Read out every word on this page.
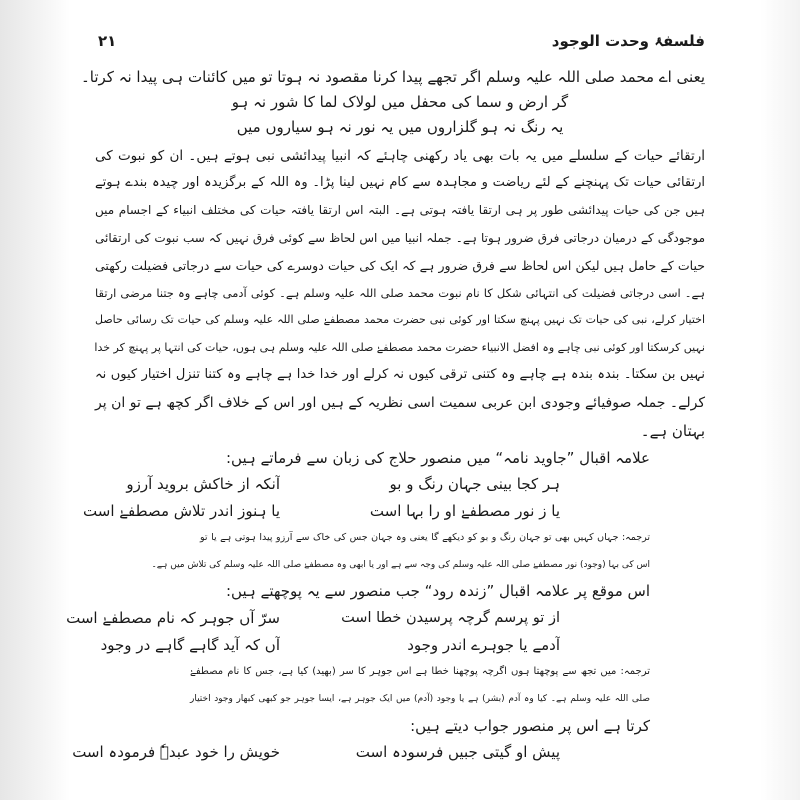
فلسفۂ وحدت الوجود
۲۱
یعنی اے محمد صلی اللہ علیہ وسلم اگر تجھے پیدا کرنا مقصود نہ ہوتا تو میں کائنات ہی پیدا نہ کرتا۔
گر ارض و سما کی محفل میں لولاک لما کا شور نہ ہو
یہ رنگ نہ ہو گلزاروں میں یہ نور نہ ہو سیاروں میں
ارتقائے حیات کے سلسلے میں یہ بات بھی یاد رکھنی چاہئے کہ انبیا پیدائشی نبی ہوتے ہیں۔ ان کو نبوت کی
ارتقائی حیات تک پہنچنے کے لئے ریاضت و مجاہدہ سے کام نہیں لینا پڑا۔ وہ اللہ کے برگزیدہ اور چیدہ بندے ہوتے
ہیں جن کی حیات پیدائشی طور پر ہی ارتقا یافتہ ہوتی ہے۔ البتہ اس ارتقا یافتہ حیات کی مختلف انبیاء کے اجسام میں
موجودگی کے درمیان درجاتی فرق ضرور ہوتا ہے۔ جملہ انبیا میں اس لحاظ سے کوئی فرق نہیں کہ سب نبوت کی ارتقائی
حیات کے حامل ہیں لیکن اس لحاظ سے فرق ضرور ہے کہ ایک کی حیات دوسرے کی حیات سے درجاتی فضیلت رکھتی
ہے۔ اسی درجاتی فضیلت کی انتہائی شکل کا نام نبوت محمد صلی اللہ علیہ وسلم ہے۔ کوئی آدمی چاہے وہ جتنا مرضی ارتقا
اختیار کرلے، نبی کی حیات تک نہیں پہنچ سکتا اور کوئی نبی حضرت محمد مصطفےٰ صلی اللہ علیہ وسلم کی حیات تک رسائی حاصل
نہیں کرسکتا اور کوئی نبی چاہے وہ افضل الانبیاء حضرت محمد مصطفےٰ صلی اللہ علیہ وسلم ہی ہوں، حیات کی انتہا پر پہنچ کر خدا
نہیں بن سکتا۔ بندہ بندہ ہے چاہے وہ کتنی ترقی کیوں نہ کرلے اور خدا خدا ہے چاہے وہ کتنا تنزل اختیار کیوں نہ
کرلے۔ جملہ صوفیائے وجودی ابن عربی سمیت اسی نظریہ کے ہیں اور اس کے خلاف اگر کچھ ہے تو ان پر
بہتان ہے۔
علامہ اقبال ”جاوید نامہ“ میں منصور حلاج کی زبان سے فرماتے ہیں:
ہر کجا بینی جہان رنگ و بو
آنکہ از خاکش بروید آرزو
یا ز نور مصطفےٰ او را بہا است
یا ہنوز اندر تلاش مصطفےٰ است
ترجمہ: جہاں کہیں بھی تو جہان رنگ و بو کو دیکھے گا یعنی وہ جہان جس کی خاک سے آرزو پیدا ہوتی ہے یا تو
اس کی بہا (وجود) نور مصطفےٰ صلی اللہ علیہ وسلم کی وجہ سے ہے اور یا ابھی وہ مصطفےٰ صلی اللہ علیہ وسلم کی تلاش میں ہے۔
اس موقع پر علامہ اقبال ”زندہ رود“ جب منصور سے یہ پوچھتے ہیں:
از تو پرسم گرچہ پرسیدن خطا است
سرّ آں جوہر کہ نام مصطفےٰ است
آدمے یا جوہرے اندر وجود
آں کہ آید گاہے گاہے در وجود
ترجمہ: میں تجھ سے پوچھتا ہوں اگرچہ پوچھنا خطا ہے اس جوہر کا سر (بھید) کیا ہے، جس کا نام مصطفےٰ
صلی اللہ علیہ وسلم ہے۔ کیا وہ آدم (بشر) ہے یا وجود (آدم) میں ایک جوہر ہے، ایسا جوہر جو کبھی کبھار وجود اختیار
کرتا ہے اس پر منصور جواب دیتے ہیں:
پیش او گیتی جبیں فرسودہ است
خویش را خود عبدہٗ فرمودہ است
